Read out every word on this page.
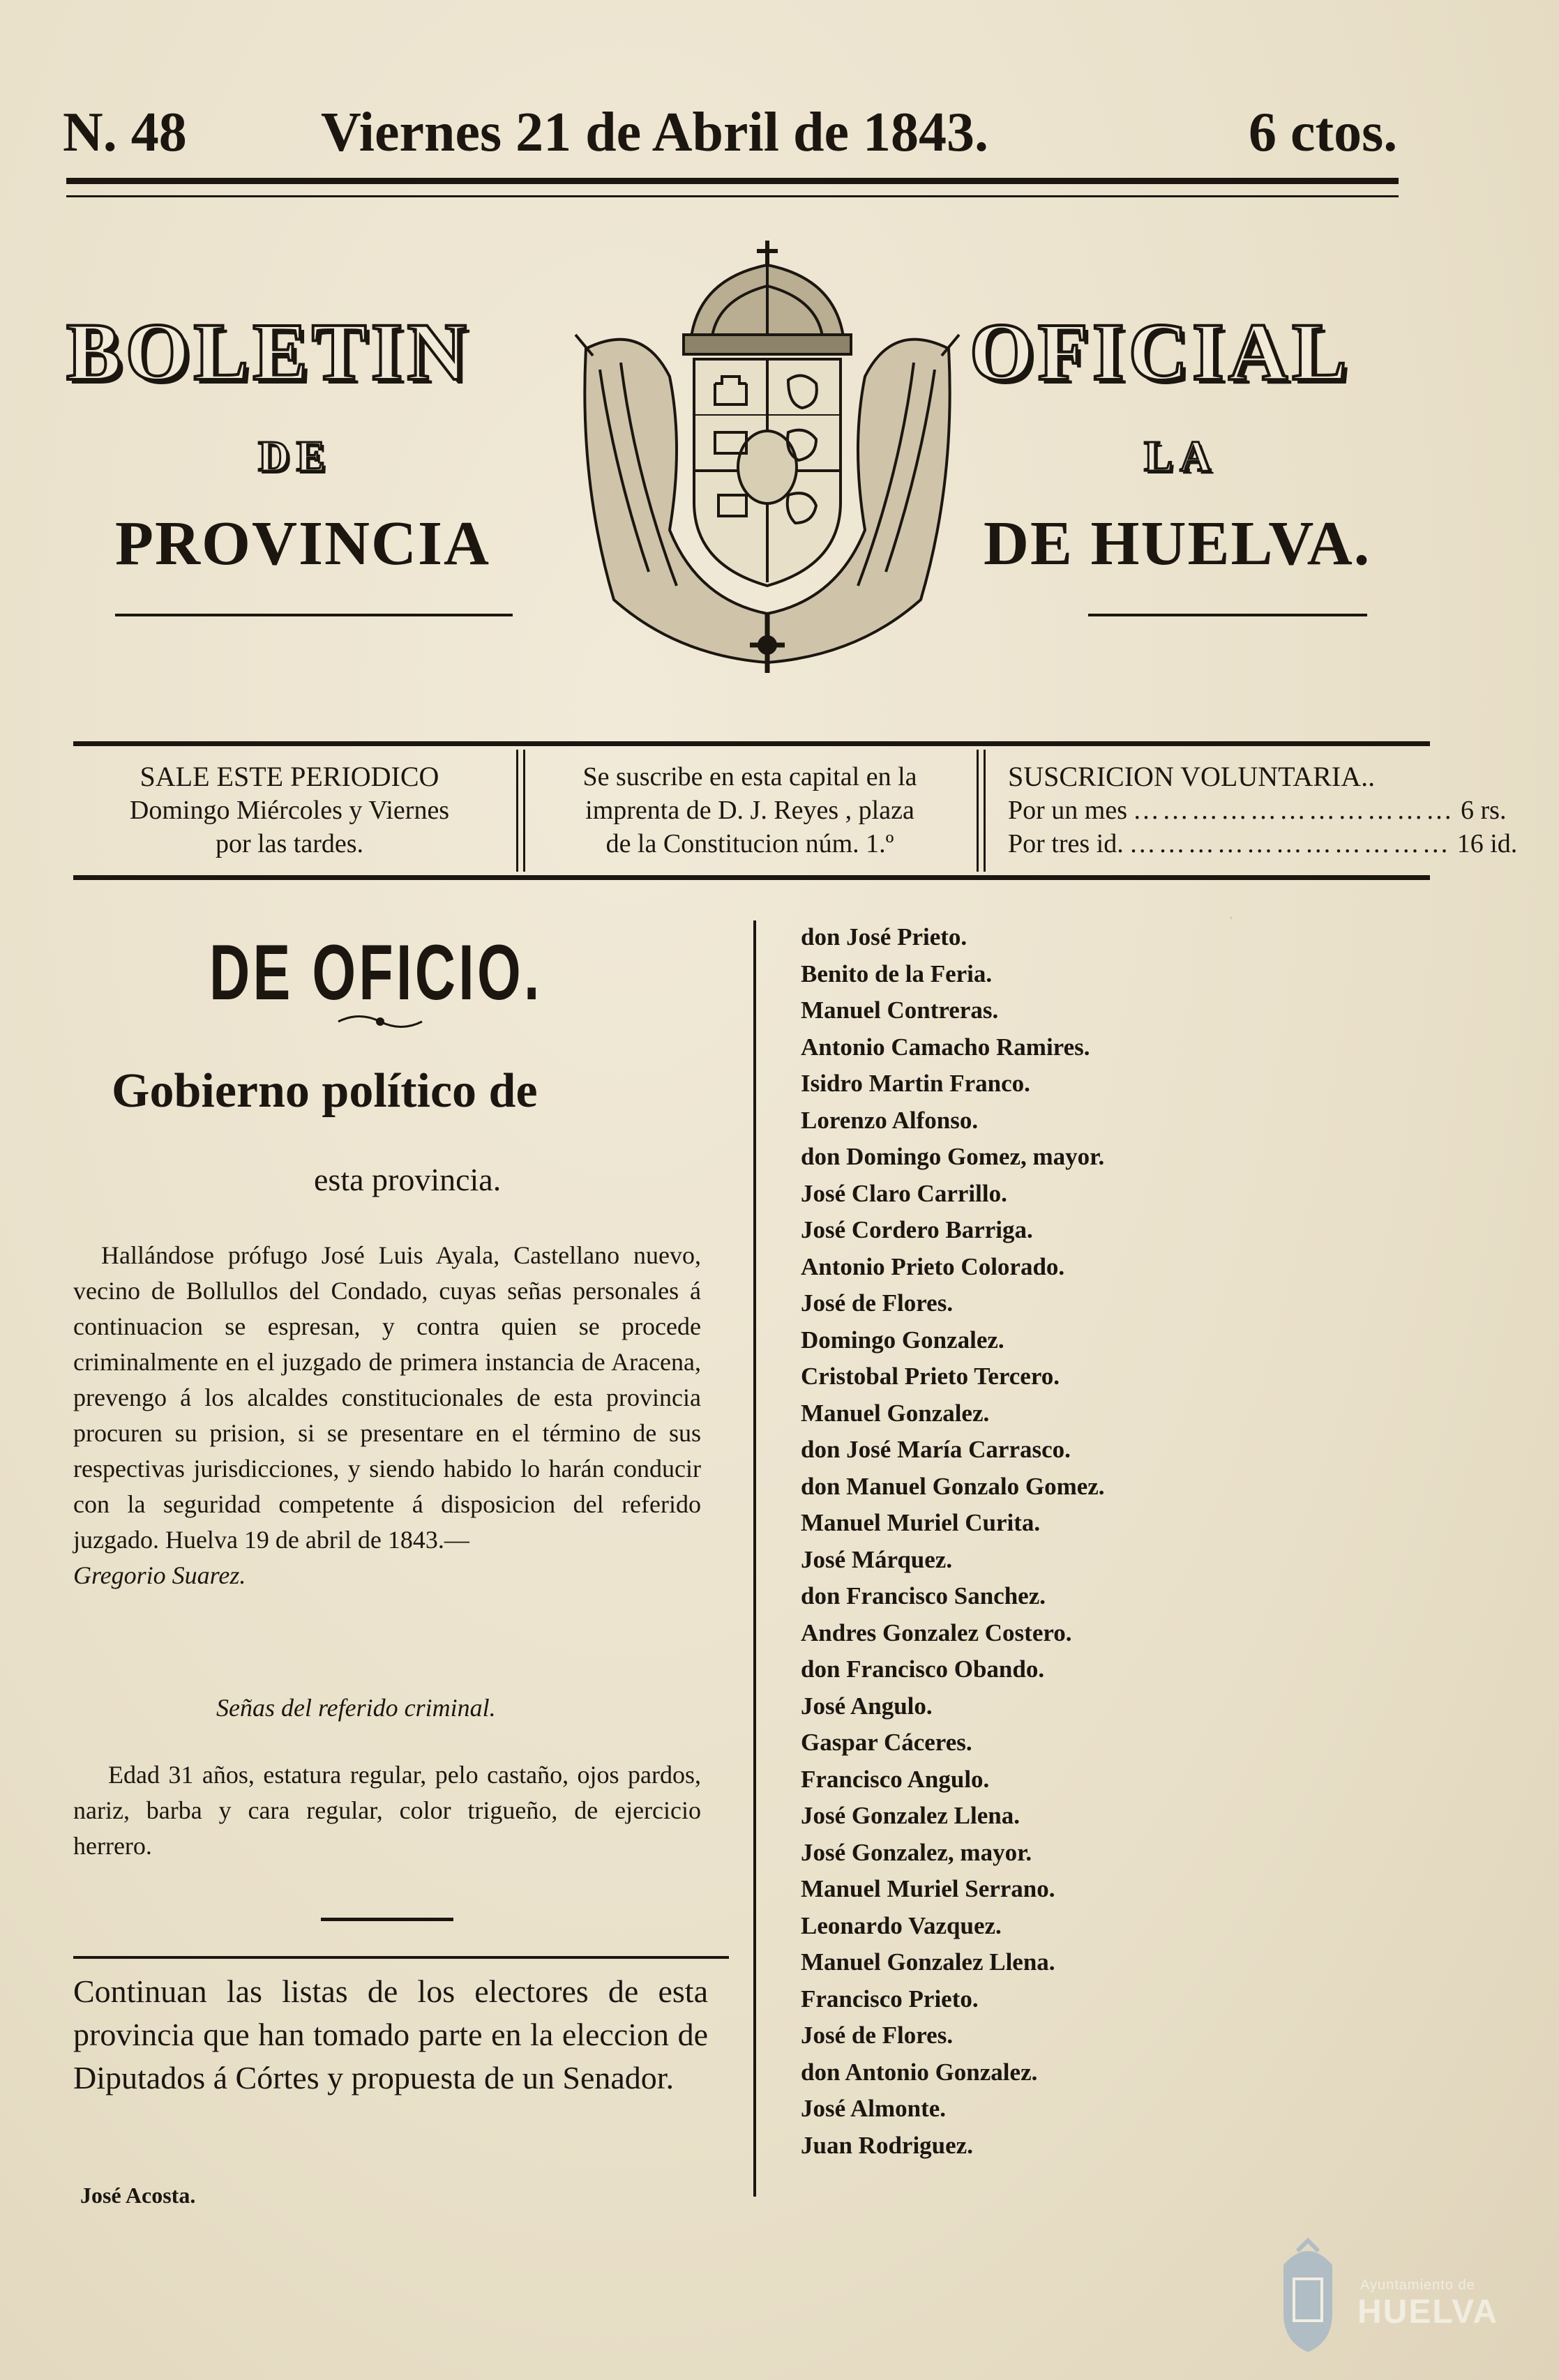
·
N. 48 Viernes 21 de Abril de 1843.	6 ctos.
BOLETIN	OFICIAL
DE	LA
PROVINCIA	DE HUELVA.
SALE ESTE PERIODICO
Domingo Miércoles y Viernes
por las tardes.
Se suscribe en esta capital en la
imprenta de D. J. Reyes , plaza
de la Constitucion núm. 1.º
SUSCRICION VOLUNTARIA..
Por un mes …………………………… 6 rs.
Por tres id. …………………………… 16 id.
DE OFICIO.
Gobierno político de
esta provincia.

Hallándose prófugo José Luis Ayala, Castellano nuevo, vecino de Bollullos del Condado, cuyas señas personales á continuacion se espresan, y contra quien se procede criminalmente en el juzgado de primera instancia de Aracena, prevengo á los alcaldes constitucionales de esta provincia procuren su prision, si se presentare en el término de sus respectivas jurisdicciones, y siendo habido lo harán conducir con la seguridad competente á disposicion del referido juzgado. Huelva 19 de abril de 1843.—

Gregorio Suarez.

Señas del referido criminal.

Edad 31 años, estatura regular, pelo castaño, ojos pardos, nariz, barba y cara regular, color trigueño, de ejercicio herrero.

Continuan las listas de los electores de esta provincia que han tomado parte en la eleccion de Diputados á Córtes y propuesta de un Senador.
José Acosta.
don José Prieto.
Benito de la Feria.
Manuel Contreras.
Antonio Camacho Ramires.
Isidro Martin Franco.
Lorenzo Alfonso.
don Domingo Gomez, mayor.
José Claro Carrillo.
José Cordero Barriga.
Antonio Prieto Colorado.
José de Flores.
Domingo Gonzalez.
Cristobal Prieto Tercero.
Manuel Gonzalez.
don José María Carrasco.
don Manuel Gonzalo Gomez.
Manuel Muriel Curita.
José Márquez.
don Francisco Sanchez.
Andres Gonzalez Costero.
don Francisco Obando.
José Angulo.
Gaspar Cáceres.
Francisco Angulo.
José Gonzalez Llena.
José Gonzalez, mayor.
Manuel Muriel Serrano.
Leonardo Vazquez.
Manuel Gonzalez Llena.
Francisco Prieto.
José de Flores.
don Antonio Gonzalez.
José Almonte.
Juan Rodriguez.
Ayuntamiento de
HUELVA
